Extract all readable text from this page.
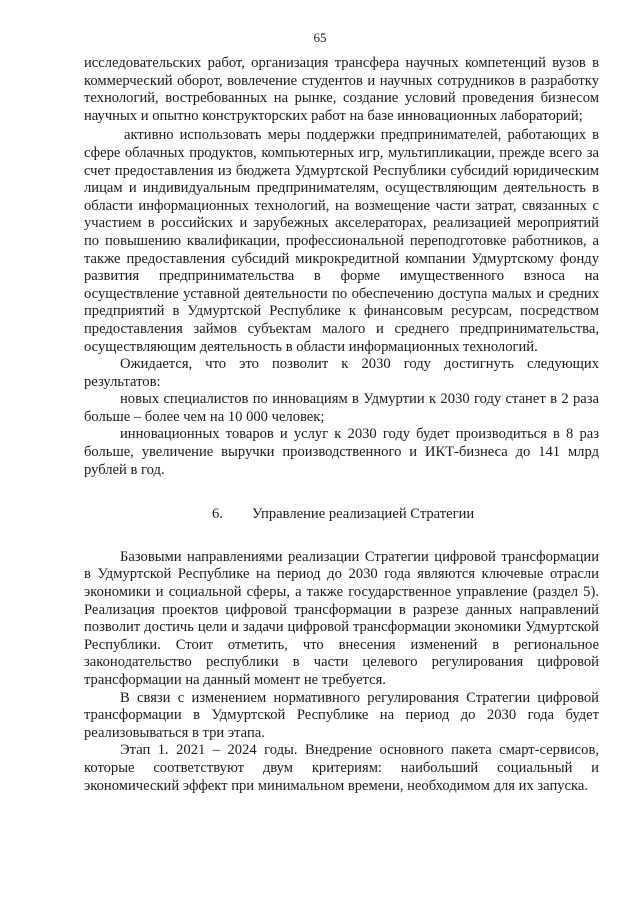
65

исследовательских работ, организация трансфера научных компетенций вузов в коммерческий оборот, вовлечение студентов и научных сотрудников в разработку технологий, востребованных на рынке, создание условий проведения бизнесом научных и опытно конструкторских работ на базе инновационных лабораторий;

активно использовать меры поддержки предпринимателей, работающих в сфере облачных продуктов, компьютерных игр, мультипликации, прежде всего за счет предоставления из бюджета Удмуртской Республики субсидий юридическим лицам и индивидуальным предпринимателям, осуществляющим деятельность в области информационных технологий, на возмещение части затрат, связанных с участием в российских и зарубежных акселераторах, реализацией мероприятий по повышению квалификации, профессиональной переподготовке работников, а также предоставления субсидий микрокредитной компании Удмуртскому фонду развития предпринимательства в форме имущественного взноса на осуществление уставной деятельности по обеспечению доступа малых и средних предприятий в Удмуртской Республике к финансовым ресурсам, посредством предоставления займов субъектам малого и среднего предпринимательства, осуществляющим деятельность в области информационных технологий.

Ожидается, что это позволит к 2030 году достигнуть следующих результатов:

новых специалистов по инновациям в Удмуртии к 2030 году станет в 2 раза больше – более чем на 10 000 человек;

инновационных товаров и услуг к 2030 году будет производиться в 8 раз больше, увеличение выручки производственного и ИКТ-бизнеса до 141 млрд рублей в год.

6. Управление реализацией Стратегии

Базовыми направлениями реализации Стратегии цифровой трансформации в Удмуртской Республике на период до 2030 года являются ключевые отрасли экономики и социальной сферы, а также государственное управление (раздел 5). Реализация проектов цифровой трансформации в разрезе данных направлений позволит достичь цели и задачи цифровой трансформации экономики Удмуртской Республики. Стоит отметить, что внесения изменений в региональное законодательство республики в части целевого регулирования цифровой трансформации на данный момент не требуется.

В связи с изменением нормативного регулирования Стратегии цифровой трансформации в Удмуртской Республике на период до 2030 года будет реализовываться в три этапа.

Этап 1. 2021 – 2024 годы. Внедрение основного пакета смарт-сервисов, которые соответствуют двум критериям: наибольший социальный и экономический эффект при минимальном времени, необходимом для их запуска.
